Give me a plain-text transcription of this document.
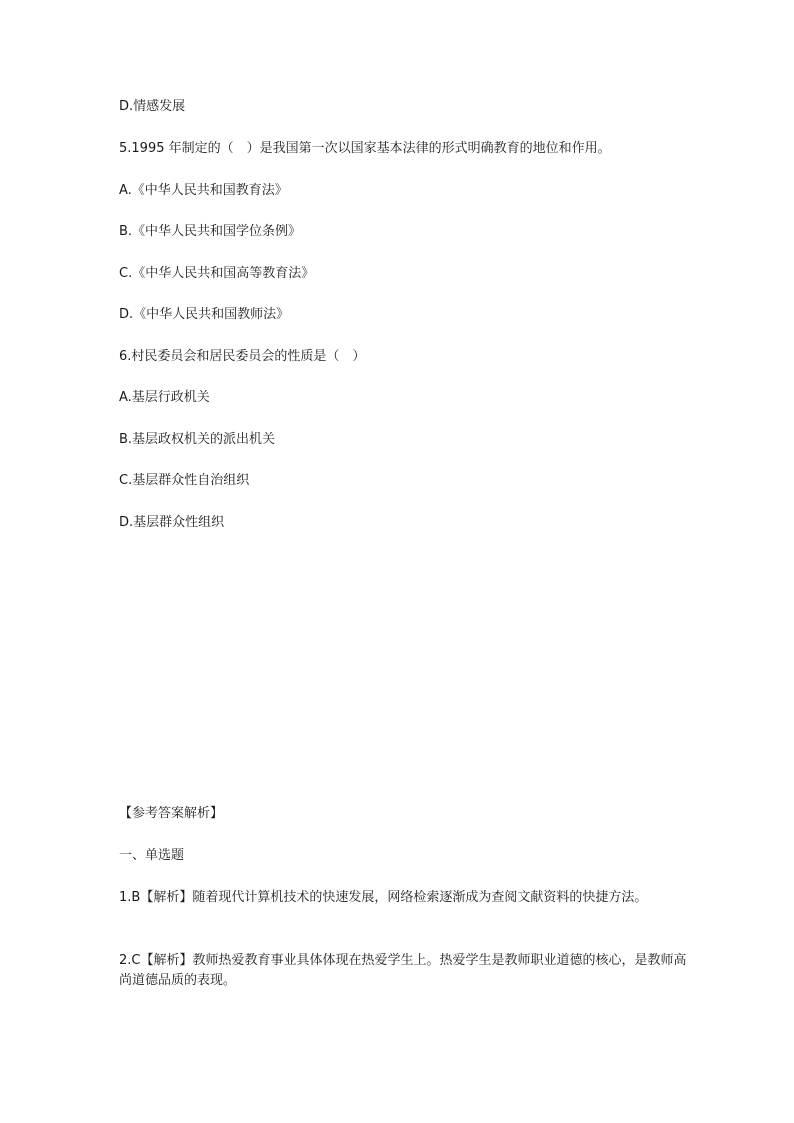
D.情感发展
5.1995 年制定的（　）是我国第一次以国家基本法律的形式明确教育的地位和作用。
A.《中华人民共和国教育法》
B.《中华人民共和国学位条例》
C.《中华人民共和国高等教育法》
D.《中华人民共和国教师法》
6.村民委员会和居民委员会的性质是（　）
A.基层行政机关
B.基层政权机关的派出机关
C.基层群众性自治组织
D.基层群众性组织
【参考答案解析】
一、单选题
1.B【解析】随着现代计算机技术的快速发展，网络检索逐渐成为查阅文献资料的快捷方法。
2.C【解析】教师热爱教育事业具体体现在热爱学生上。热爱学生是教师职业道德的核心，是教师高尚道德品质的表现。
